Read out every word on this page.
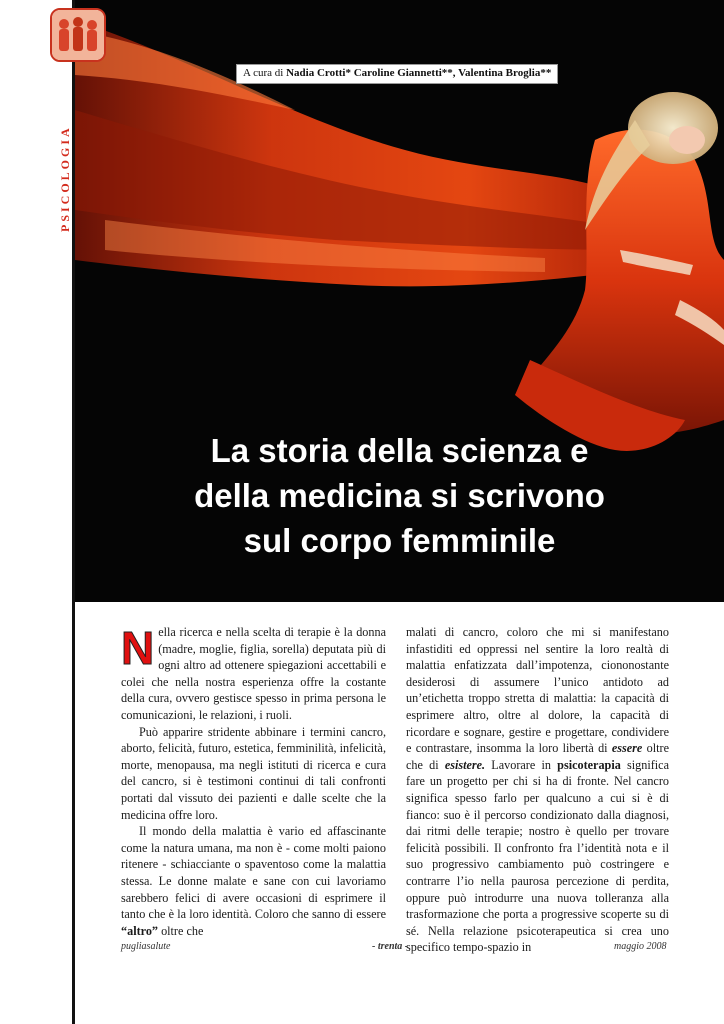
PSICOLOGIA
A cura di Nadia Crotti* Caroline Giannetti**, Valentina Broglia**
La storia della scienza e
della medicina si scrivono
sul corpo femminile

Nella ricerca e nella scelta di terapie è la donna (madre, moglie, figlia, sorella) deputata più di ogni altro ad ottenere spiegazioni accettabili e colei che nella nostra esperienza offre la costante della cura, ovvero gestisce spesso in prima persona le comunicazioni, le relazioni, i ruoli.

Può apparire stridente abbinare i termini cancro, aborto, felicità, futuro, estetica, femminilità, infelicità, morte, menopausa, ma negli istituti di ricerca e cura del cancro, si è testimoni continui di tali confronti portati dal vissuto dei pazienti e dalle scelte che la medicina offre loro.

Il mondo della malattia è vario ed affascinante come la natura umana, ma non è - come molti paiono ritenere - schiacciante o spaventoso come la malattia stessa. Le donne malate e sane con cui lavoriamo sarebbero felici di avere occasioni di esprimere il tanto che è la loro identità. Coloro che sanno di essere “altro” oltre che

malati di cancro, coloro che mi si manifestano infastiditi ed oppressi nel sentire la loro realtà di malattia enfatizzata dall’impotenza, ciononostante desiderosi di assumere l’unico antidoto ad un’etichetta troppo stretta di malattia: la capacità di esprimere altro, oltre al dolore, la capacità di ricordare e sognare, gestire e progettare, condividere e contrastare, insomma la loro libertà di essere oltre che di esistere. Lavorare in psicoterapia significa fare un progetto per chi si ha di fronte. Nel cancro significa spesso farlo per qualcuno a cui si è di fianco: suo è il percorso condizionato dalla diagnosi, dai ritmi delle terapie; nostro è quello per trovare felicità possibili. Il confronto fra l’identità nota e il suo progressivo cambiamento può costringere e contrarre l’io nella paurosa percezione di perdita, oppure può introdurre una nuova tolleranza alla trasformazione che porta a progressive scoperte su di sé. Nella relazione psicoterapeutica si crea uno specifico tempo-spazio in

pugliasalute	- trenta -	maggio 2008
